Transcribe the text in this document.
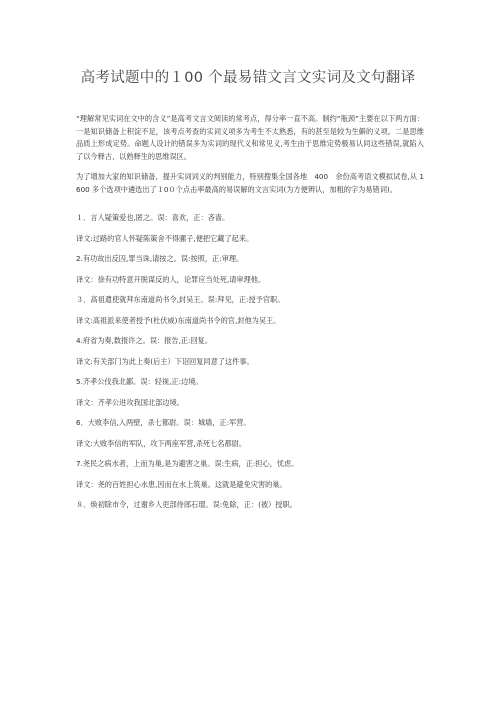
高考试题中的１00 个最易错文言文实词及文句翻译

“理解常见实词在文中的含义”是高考文言文阅读的常考点，得分率一直不高。制约“瓶颈”主要在以下两方面：一是知识储备上积淀不足，该考点考查的实词义项多为考生不太熟悉，有的甚至是较为生僻的义项。二是思维品质上形成定势。命题人设计的错误多为实词的现代义和常见义,考生由于思维定势极易认同这些错误,就陷入了以今释古、以熟释生的思维误区。

为了增加大家的知识储备，提升实词词义的判别能力，特别搜集全国各地　400　余份高考语文模拟试卷,从 1600 多个选项中遴选出了１0０个点击率最高的易误解的文言实词(为方便辨认，加粗的字为易错词)。

１．言人疑策爱也,匿之。误：喜欢，正：吝啬。

译文:过路的官人怀疑陈策舍不得骡子,便把它藏了起来。

2.有功故出反囚,罪当诛,请按之。误:按照，正:审理。

译文：徐有功特意开脱谋反的人，论罪应当处死,请审理他。

３．高祖遣使就拜东南道尚书令,封吴王。误:拜见，正:授予官职。

译文:高祖派来使者授予(杜伏威)东南道尚书令的官,封他为吴王。

4.府省为奏,数报许之。误：报告,正:回复。

译文:有关部门为此上奏(后主）下诏回复同意了这件事。

5.齐孝公伐我北鄙。误：轻视,正:边境。

译文：齐孝公进攻我国北部边境。

6．大败李信,入两壁，杀七都尉。误：城墙，正:军营。

译文:大败李信的军队，攻下两座军营,杀死七名都尉。

7.尧民之病水者，上而为巢,是为避害之巢。误:生病，正:担心，忧虑。

译文：尧的百姓担心水患,因而在水上筑巢。这就是避免灾害的巢。

８．焕初除市令，过谢乡人吏部侍郎石璟。误:免除，正：(被）授职。
